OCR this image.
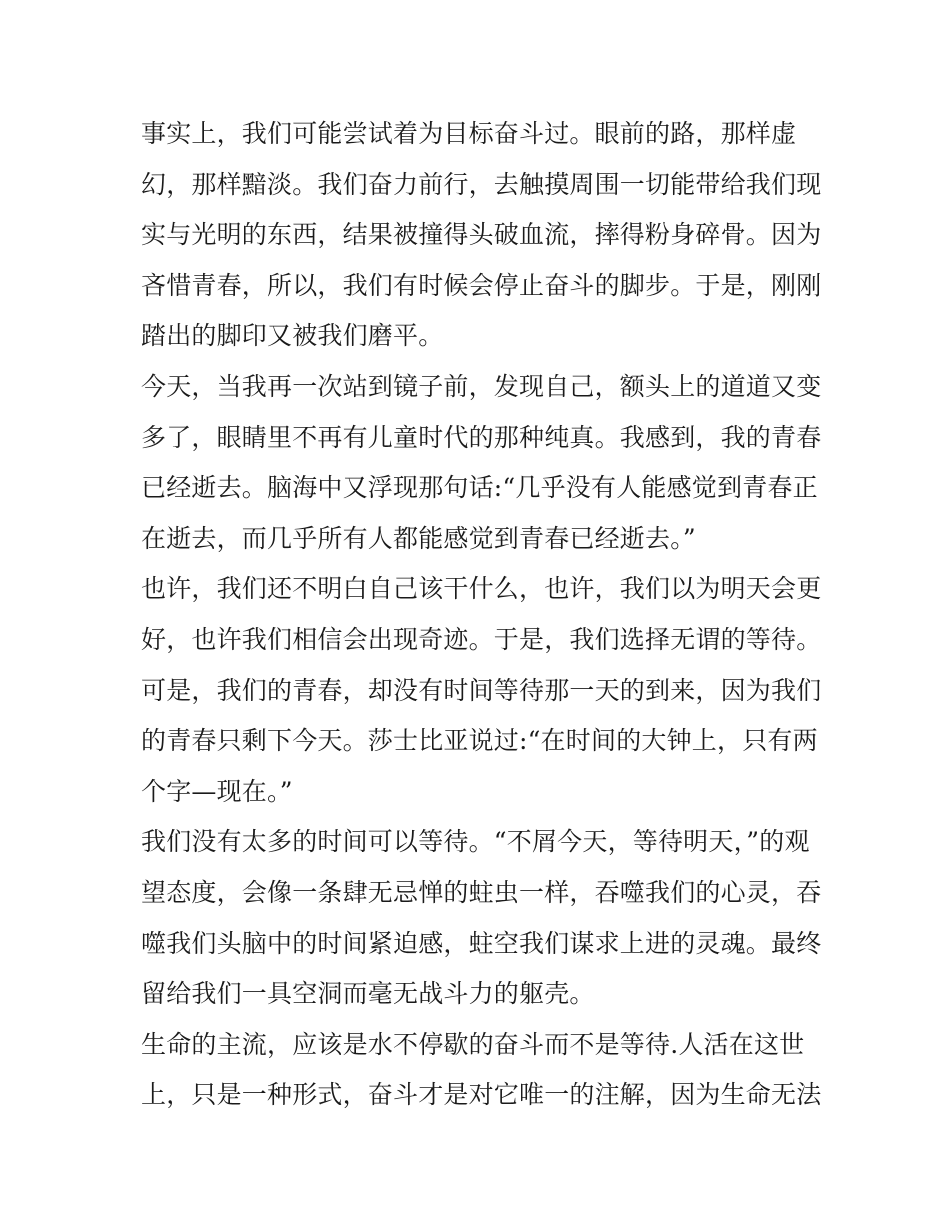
事实上，我们可能尝试着为目标奋斗过。眼前的路，那样虚
幻，那样黯淡。我们奋力前行，去触摸周围一切能带给我们现
实与光明的东西，结果被撞得头破血流，摔得粉身碎骨。因为
吝惜青春，所以，我们有时候会停止奋斗的脚步。于是，刚刚
踏出的脚印又被我们磨平。
今天，当我再一次站到镜子前，发现自己，额头上的道道又变
多了，眼睛里不再有儿童时代的那种纯真。我感到，我的青春
已经逝去。脑海中又浮现那句话:“几乎没有人能感觉到青春正
在逝去，而几乎所有人都能感觉到青春已经逝去。”
也许，我们还不明白自己该干什么，也许，我们以为明天会更
好，也许我们相信会出现奇迹。于是，我们选择无谓的等待。
可是，我们的青春，却没有时间等待那一天的到来，因为我们
的青春只剩下今天。莎士比亚说过:“在时间的大钟上，只有两
个字—现在。”
我们没有太多的时间可以等待。“不屑今天，等待明天，”的观
望态度，会像一条肆无忌惮的蛀虫一样，吞噬我们的心灵，吞
噬我们头脑中的时间紧迫感，蛀空我们谋求上进的灵魂。最终
留给我们一具空洞而毫无战斗力的躯壳。
生命的主流，应该是水不停歇的奋斗而不是等待.人活在这世
上，只是一种形式，奋斗才是对它唯一的注解，因为生命无法
